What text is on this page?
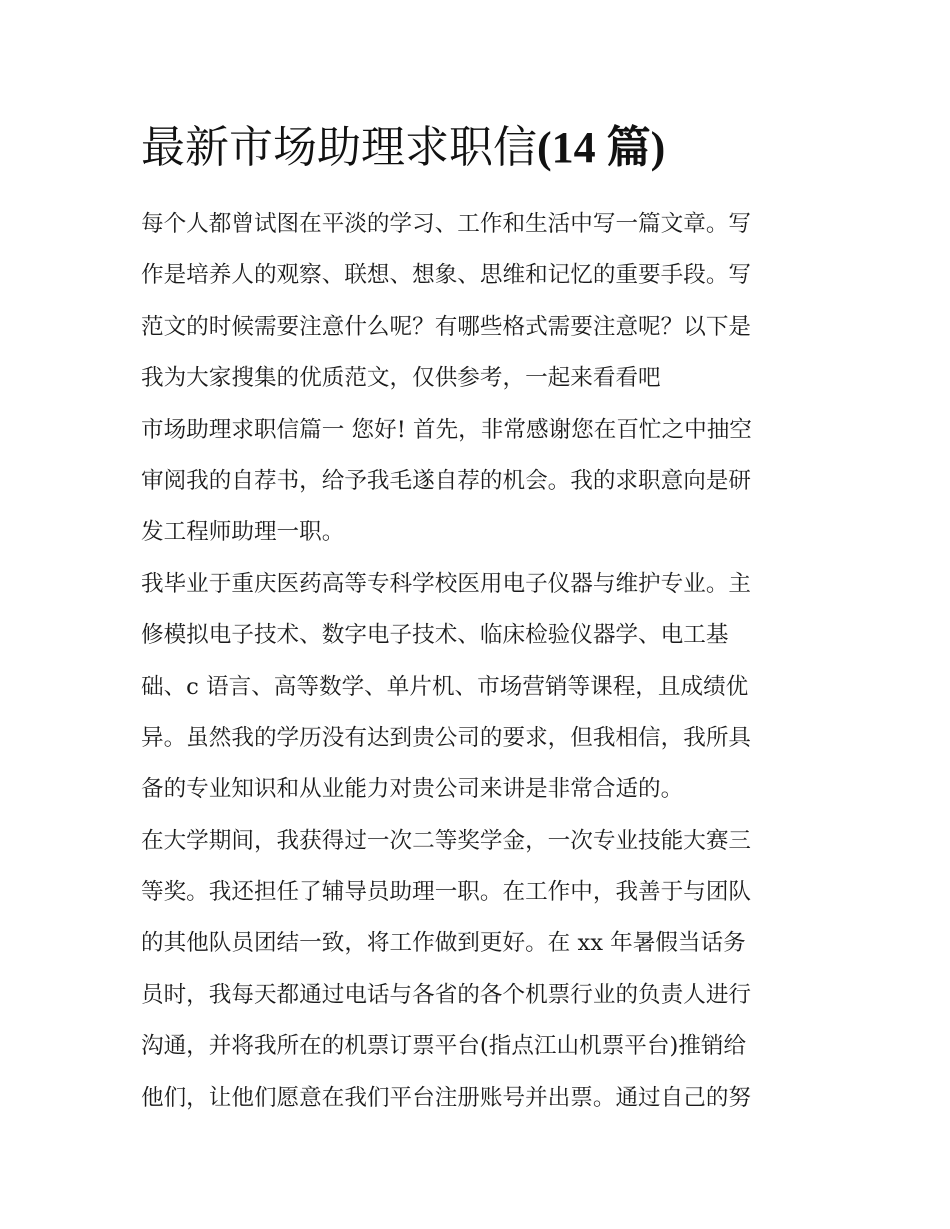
最新市场助理求职信(14 篇)

每个人都曾试图在平淡的学习、工作和生活中写一篇文章。写

作是培养人的观察、联想、想象、思维和记忆的重要手段。写

范文的时候需要注意什么呢？有哪些格式需要注意呢？以下是

我为大家搜集的优质范文，仅供参考，一起来看看吧

市场助理求职信篇一 您好! 首先，非常感谢您在百忙之中抽空

审阅我的自荐书，给予我毛遂自荐的机会。我的求职意向是研

发工程师助理一职。

我毕业于重庆医药高等专科学校医用电子仪器与维护专业。主

修模拟电子技术、数字电子技术、临床检验仪器学、电工基

础、c 语言、高等数学、单片机、市场营销等课程，且成绩优

异。虽然我的学历没有达到贵公司的要求，但我相信，我所具

备的专业知识和从业能力对贵公司来讲是非常合适的。

在大学期间，我获得过一次二等奖学金，一次专业技能大赛三

等奖。我还担任了辅导员助理一职。在工作中，我善于与团队

的其他队员团结一致，将工作做到更好。在 xx 年暑假当话务

员时，我每天都通过电话与各省的各个机票行业的负责人进行

沟通，并将我所在的机票订票平台(指点江山机票平台)推销给

他们，让他们愿意在我们平台注册账号并出票。通过自己的努
